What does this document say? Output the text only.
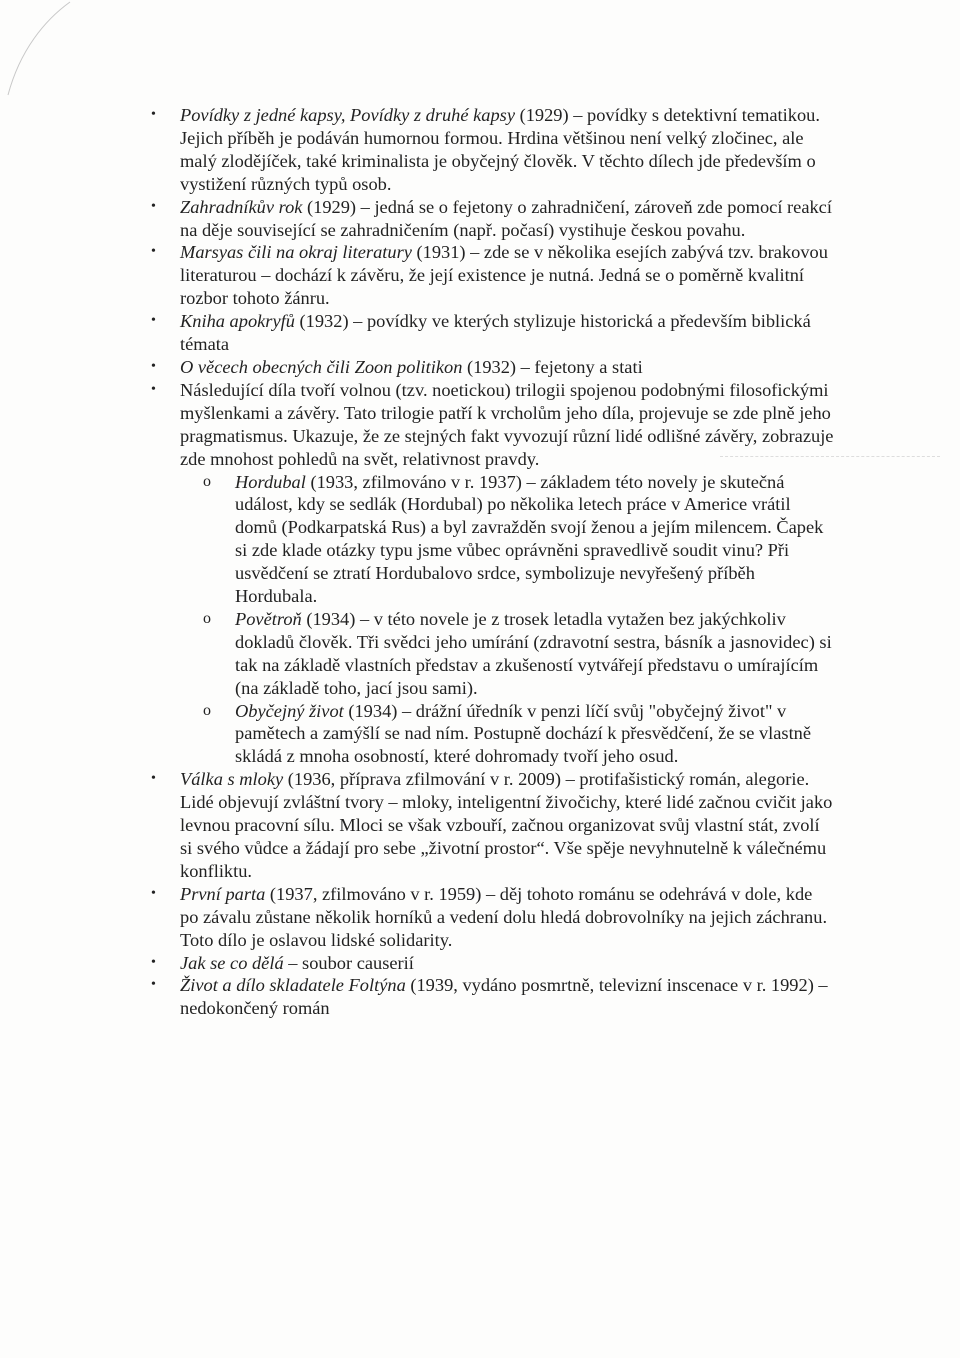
• Povídky z jedné kapsy, Povídky z druhé kapsy (1929) – povídky s detektivní tematikou. Jejich příběh je podáván humornou formou. Hrdina většinou není velký zločinec, ale malý zlodějíček, také kriminalista je obyčejný člověk. V těchto dílech jde především o vystižení různých typů osob.
• Zahradníkův rok (1929) – jedná se o fejetony o zahradničení, zároveň zde pomocí reakcí na děje související se zahradničením (např. počasí) vystihuje českou povahu.
• Marsyas čili na okraj literatury (1931) – zde se v několika esejích zabývá tzv. brakovou literaturou – dochází k závěru, že její existence je nutná. Jedná se o poměrně kvalitní rozbor tohoto žánru.
• Kniha apokryfů (1932) – povídky ve kterých stylizuje historická a především biblická témata
• O věcech obecných čili Zoon politikon (1932) – fejetony a stati
• Následující díla tvoří volnou (tzv. noetickou) trilogii spojenou podobnými filosofickými myšlenkami a závěry. Tato trilogie patří k vrcholům jeho díla, projevuje se zde plně jeho pragmatismus. Ukazuje, že ze stejných fakt vyvozují různí lidé odlišné závěry, zobrazuje zde mnohost pohledů na svět, relativnost pravdy.
o Hordubal (1933, zfilmováno v r. 1937) – základem této novely je skutečná událost, kdy se sedlák (Hordubal) po několika letech práce v Americe vrátil domů (Podkarpatská Rus) a byl zavražděn svojí ženou a jejím milencem. Čapek si zde klade otázky typu jsme vůbec oprávněni spravedlivě soudit vinu? Při usvědčení se ztratí Hordubalovo srdce, symbolizuje nevyřešený příběh Hordubala.
o Povětroň (1934) – v této novele je z trosek letadla vytažen bez jakýchkoliv dokladů člověk. Tři svědci jeho umírání (zdravotní sestra, básník a jasnovidec) si tak na základě vlastních představ a zkušeností vytvářejí představu o umírajícím (na základě toho, jací jsou sami).
o Obyčejný život (1934) – drážní úředník v penzi líčí svůj "obyčejný život" v pamětech a zamýšlí se nad ním. Postupně dochází k přesvědčení, že se vlastně skládá z mnoha osobností, které dohromady tvoří jeho osud.
• Válka s mloky (1936, příprava zfilmování v r. 2009) – protifašistický román, alegorie. Lidé objevují zvláštní tvory – mloky, inteligentní živočichy, které lidé začnou cvičit jako levnou pracovní sílu. Mloci se však vzbouří, začnou organizovat svůj vlastní stát, zvolí si svého vůdce a žádají pro sebe „životní prostor“. Vše spěje nevyhnutelně k válečnému konfliktu.
• První parta (1937, zfilmováno v r. 1959) – děj tohoto románu se odehrává v dole, kde po závalu zůstane několik horníků a vedení dolu hledá dobrovolníky na jejich záchranu. Toto dílo je oslavou lidské solidarity.
• Jak se co dělá – soubor causerií
• Život a dílo skladatele Foltýna (1939, vydáno posmrtně, televizní inscenace v r. 1992) – nedokončený román
